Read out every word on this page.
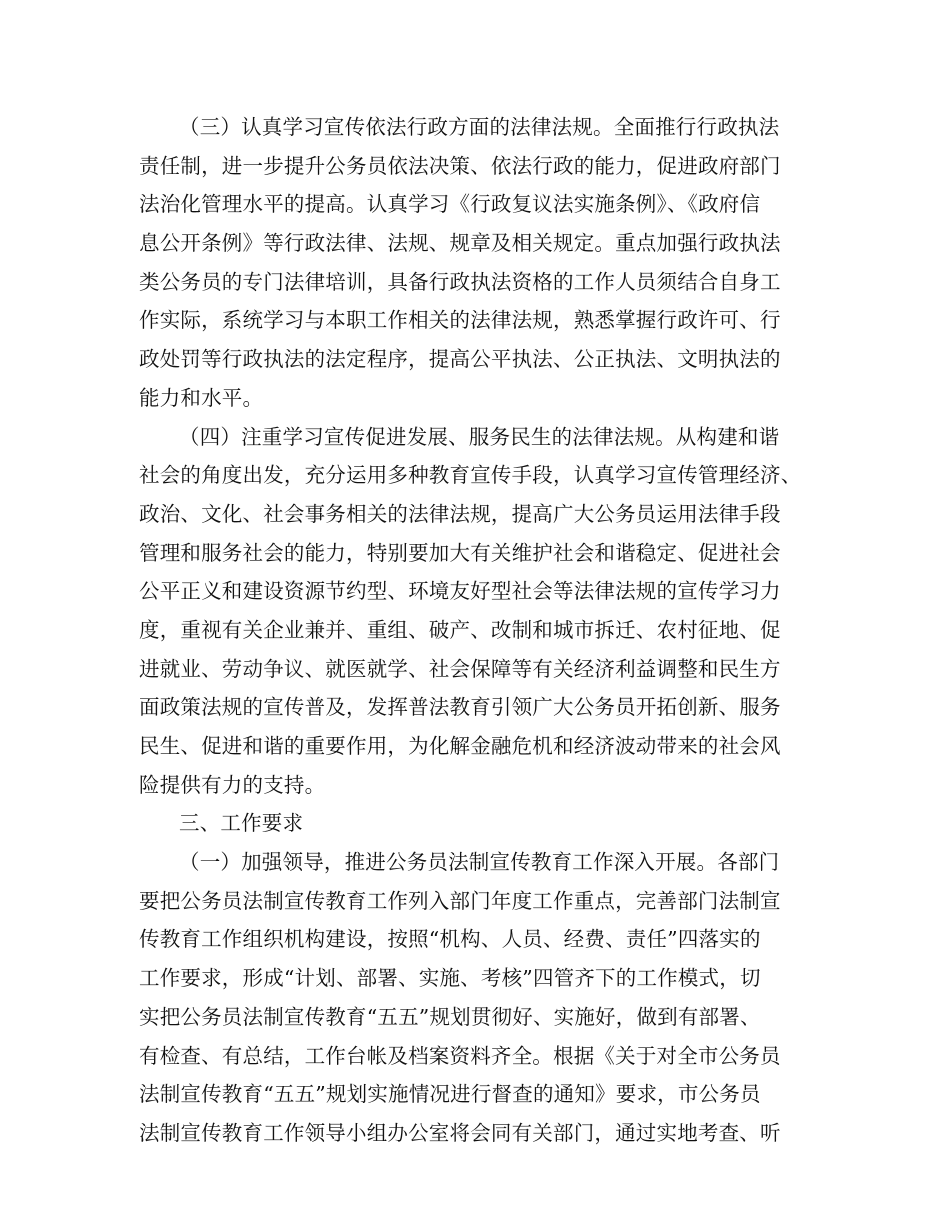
（三）认真学习宣传依法行政方面的法律法规。全面推行行政执法
责任制，进一步提升公务员依法决策、依法行政的能力，促进政府部门
法治化管理水平的提高。认真学习《行政复议法实施条例》、《政府信
息公开条例》等行政法律、法规、规章及相关规定。重点加强行政执法
类公务员的专门法律培训，具备行政执法资格的工作人员须结合自身工
作实际，系统学习与本职工作相关的法律法规，熟悉掌握行政许可、行
政处罚等行政执法的法定程序，提高公平执法、公正执法、文明执法的
能力和水平。
（四）注重学习宣传促进发展、服务民生的法律法规。从构建和谐
社会的角度出发，充分运用多种教育宣传手段，认真学习宣传管理经济、
政治、文化、社会事务相关的法律法规，提高广大公务员运用法律手段
管理和服务社会的能力，特别要加大有关维护社会和谐稳定、促进社会
公平正义和建设资源节约型、环境友好型社会等法律法规的宣传学习力
度，重视有关企业兼并、重组、破产、改制和城市拆迁、农村征地、促
进就业、劳动争议、就医就学、社会保障等有关经济利益调整和民生方
面政策法规的宣传普及，发挥普法教育引领广大公务员开拓创新、服务
民生、促进和谐的重要作用，为化解金融危机和经济波动带来的社会风
险提供有力的支持。
三、工作要求
（一）加强领导，推进公务员法制宣传教育工作深入开展。各部门
要把公务员法制宣传教育工作列入部门年度工作重点，完善部门法制宣
传教育工作组织机构建设，按照“机构、人员、经费、责任”四落实的
工作要求，形成“计划、部署、实施、考核”四管齐下的工作模式，切
实把公务员法制宣传教育“五五”规划贯彻好、实施好，做到有部署、
有检查、有总结，工作台帐及档案资料齐全。根据《关于对全市公务员
法制宣传教育“五五”规划实施情况进行督查的通知》要求，市公务员
法制宣传教育工作领导小组办公室将会同有关部门，通过实地考查、听
